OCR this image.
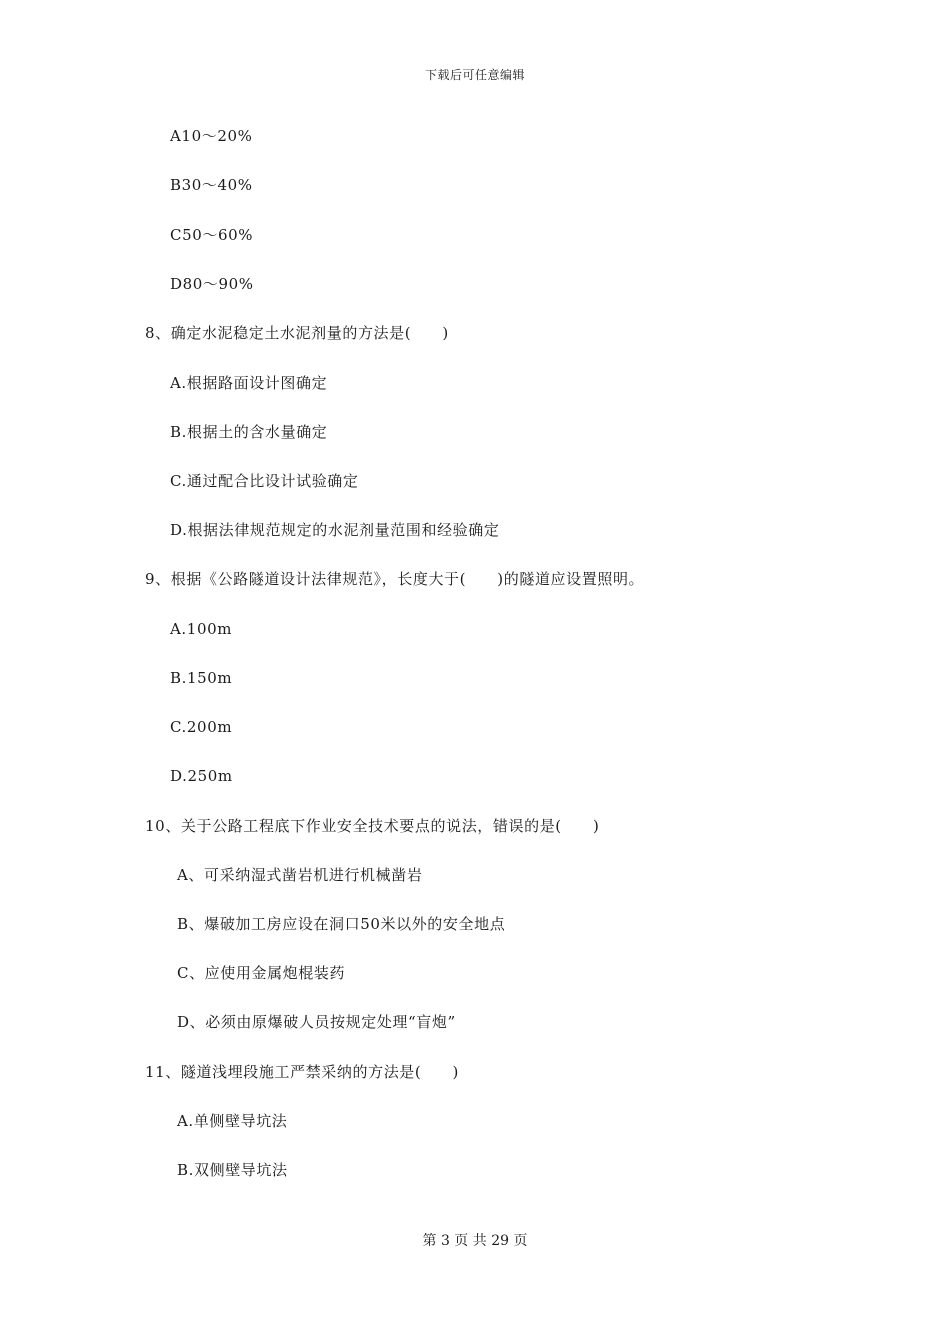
下载后可任意编辑
A10～20%
B30～40%
C50～60%
D80～90%
8、确定水泥稳定土水泥剂量的方法是(　　)
A.根据路面设计图确定
B.根据土的含水量确定
C.通过配合比设计试验确定
D.根据法律规范规定的水泥剂量范围和经验确定
9、根据《公路隧道设计法律规范》，长度大于(　　)的隧道应设置照明。
A.100m
B.150m
C.200m
D.250m
10、关于公路工程底下作业安全技术要点的说法，错误的是(　　)
A、可采纳湿式凿岩机进行机械凿岩
B、爆破加工房应设在洞口50米以外的安全地点
C、应使用金属炮棍装药
D、必须由原爆破人员按规定处理“盲炮”
11、隧道浅埋段施工严禁采纳的方法是(　　)
A.单侧壁导坑法
B.双侧壁导坑法
第 3 页 共 29 页
